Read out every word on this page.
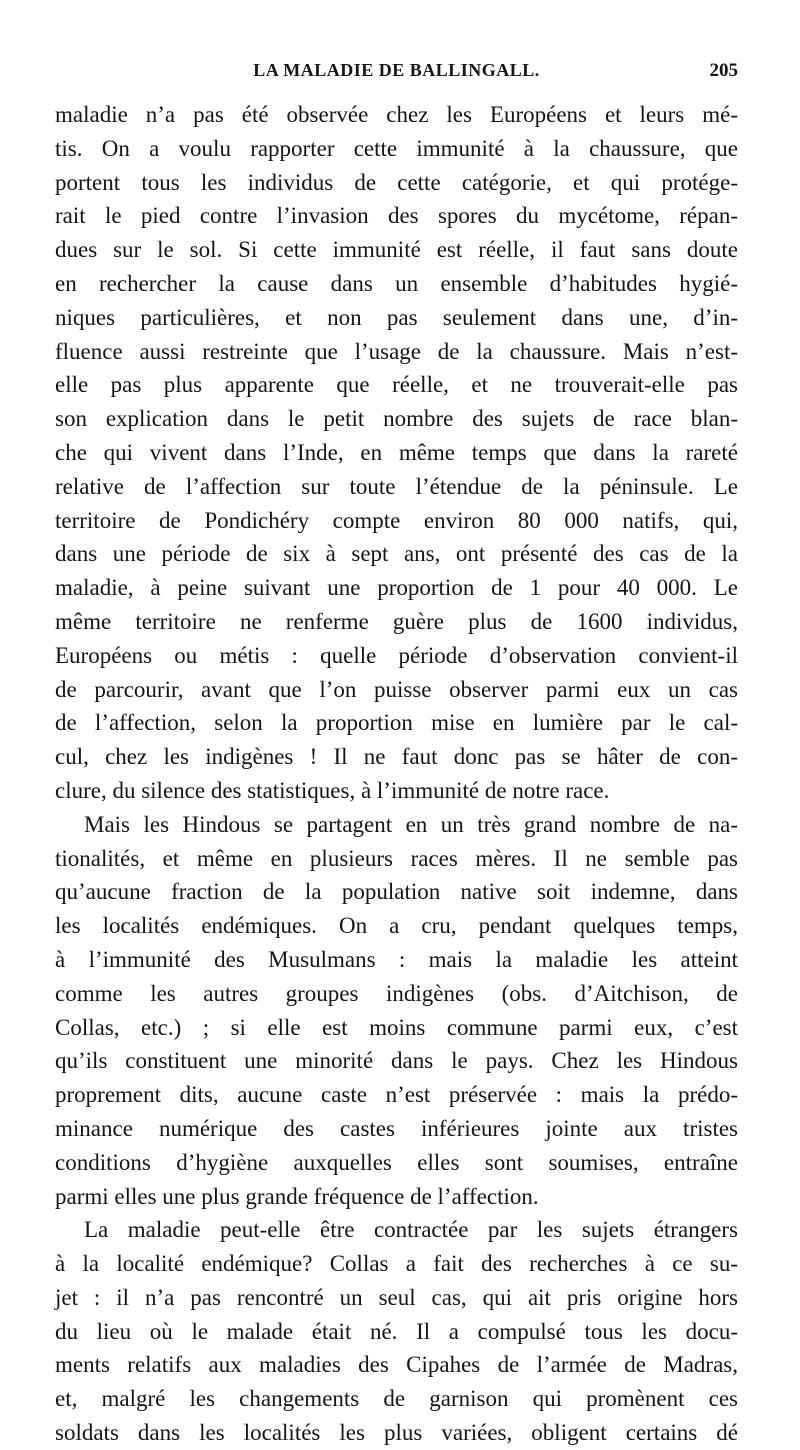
LA MALADIE DE BALLINGALL.	205
maladie n’a pas été observée chez les Européens et leurs mé-
tis. On a voulu rapporter cette immunité à la chaussure, que
portent tous les individus de cette catégorie, et qui protége-
rait le pied contre l’invasion des spores du mycétome, répan-
dues sur le sol. Si cette immunité est réelle, il faut sans doute
en rechercher la cause dans un ensemble d’habitudes hygié-
niques particulières, et non pas seulement dans une, d’in-
fluence aussi restreinte que l’usage de la chaussure. Mais n’est-
elle pas plus apparente que réelle, et ne trouverait-elle pas
son explication dans le petit nombre des sujets de race blan-
che qui vivent dans l’Inde, en même temps que dans la rareté
relative de l’affection sur toute l’étendue de la péninsule. Le
territoire de Pondichéry compte environ 80 000 natifs, qui,
dans une période de six à sept ans, ont présenté des cas de la
maladie, à peine suivant une proportion de 1 pour 40 000. Le
même territoire ne renferme guère plus de 1600 individus,
Européens ou métis : quelle période d’observation convient-il
de parcourir, avant que l’on puisse observer parmi eux un cas
de l’affection, selon la proportion mise en lumière par le cal-
cul, chez les indigènes ! Il ne faut donc pas se hâter de con-
clure, du silence des statistiques, à l’immunité de notre race.
Mais les Hindous se partagent en un très grand nombre de na-
tionalités, et même en plusieurs races mères. Il ne semble pas
qu’aucune fraction de la population native soit indemne, dans
les localités endémiques. On a cru, pendant quelques temps,
à l’immunité des Musulmans : mais la maladie les atteint
comme les autres groupes indigènes (obs. d’Aitchison, de
Collas, etc.) ; si elle est moins commune parmi eux, c’est
qu’ils constituent une minorité dans le pays. Chez les Hindous
proprement dits, aucune caste n’est préservée : mais la prédo-
minance numérique des castes inférieures jointe aux tristes
conditions d’hygiène auxquelles elles sont soumises, entraîne
parmi elles une plus grande fréquence de l’affection.
La maladie peut-elle être contractée par les sujets étrangers
à la localité endémique? Collas a fait des recherches à ce su-
jet : il n’a pas rencontré un seul cas, qui ait pris origine hors
du lieu où le malade était né. Il a compulsé tous les docu-
ments relatifs aux maladies des Cipahes de l’armée de Madras,
et, malgré les changements de garnison qui promènent ces
soldats dans les localités les plus variées, obligent certains dé
